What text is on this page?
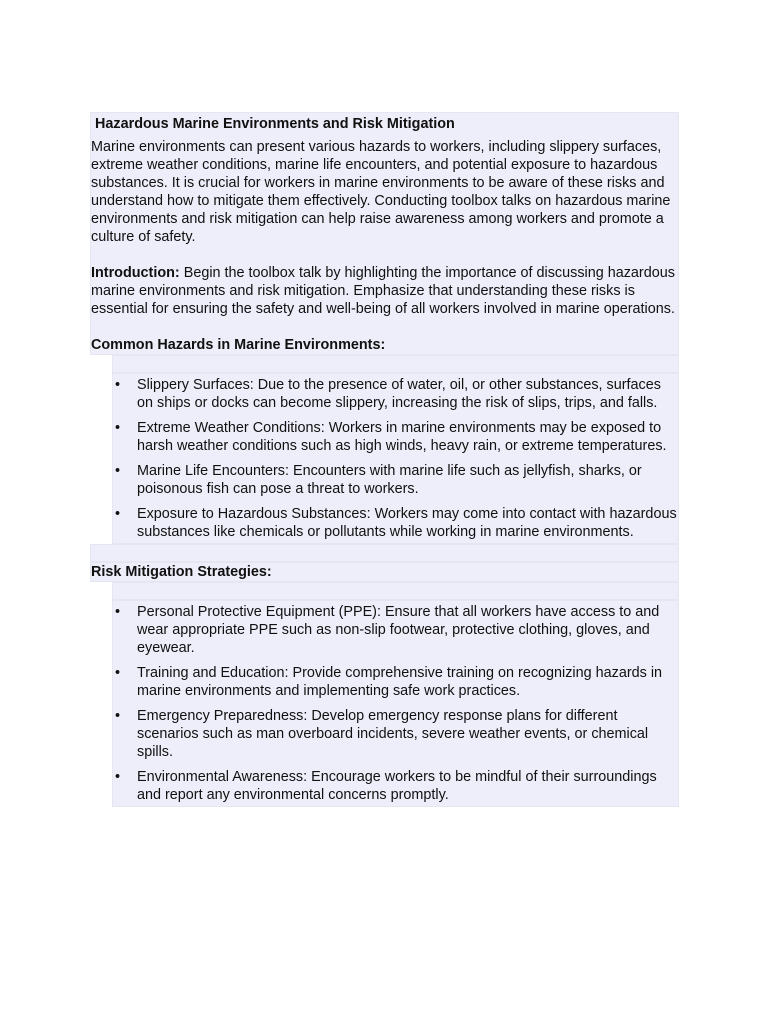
Hazardous Marine Environments and Risk Mitigation

Marine environments can present various hazards to workers, including slippery surfaces, extreme weather conditions, marine life encounters, and potential exposure to hazardous substances. It is crucial for workers in marine environments to be aware of these risks and understand how to mitigate them effectively. Conducting toolbox talks on hazardous marine environments and risk mitigation can help raise awareness among workers and promote a culture of safety.

Introduction: Begin the toolbox talk by highlighting the importance of discussing hazardous marine environments and risk mitigation. Emphasize that understanding these risks is essential for ensuring the safety and well-being of all workers involved in marine operations.

Common Hazards in Marine Environments:
•	Slippery Surfaces: Due to the presence of water, oil, or other substances, surfaces on ships or docks can become slippery, increasing the risk of slips, trips, and falls.
•	Extreme Weather Conditions: Workers in marine environments may be exposed to harsh weather conditions such as high winds, heavy rain, or extreme temperatures.
•	Marine Life Encounters: Encounters with marine life such as jellyfish, sharks, or poisonous fish can pose a threat to workers.
•	Exposure to Hazardous Substances: Workers may come into contact with hazardous substances like chemicals or pollutants while working in marine environments.
Risk Mitigation Strategies:
•	Personal Protective Equipment (PPE): Ensure that all workers have access to and wear appropriate PPE such as non-slip footwear, protective clothing, gloves, and eyewear.
•	Training and Education: Provide comprehensive training on recognizing hazards in marine environments and implementing safe work practices.
•	Emergency Preparedness: Develop emergency response plans for different scenarios such as man overboard incidents, severe weather events, or chemical spills.
•	Environmental Awareness: Encourage workers to be mindful of their surroundings and report any environmental concerns promptly.
